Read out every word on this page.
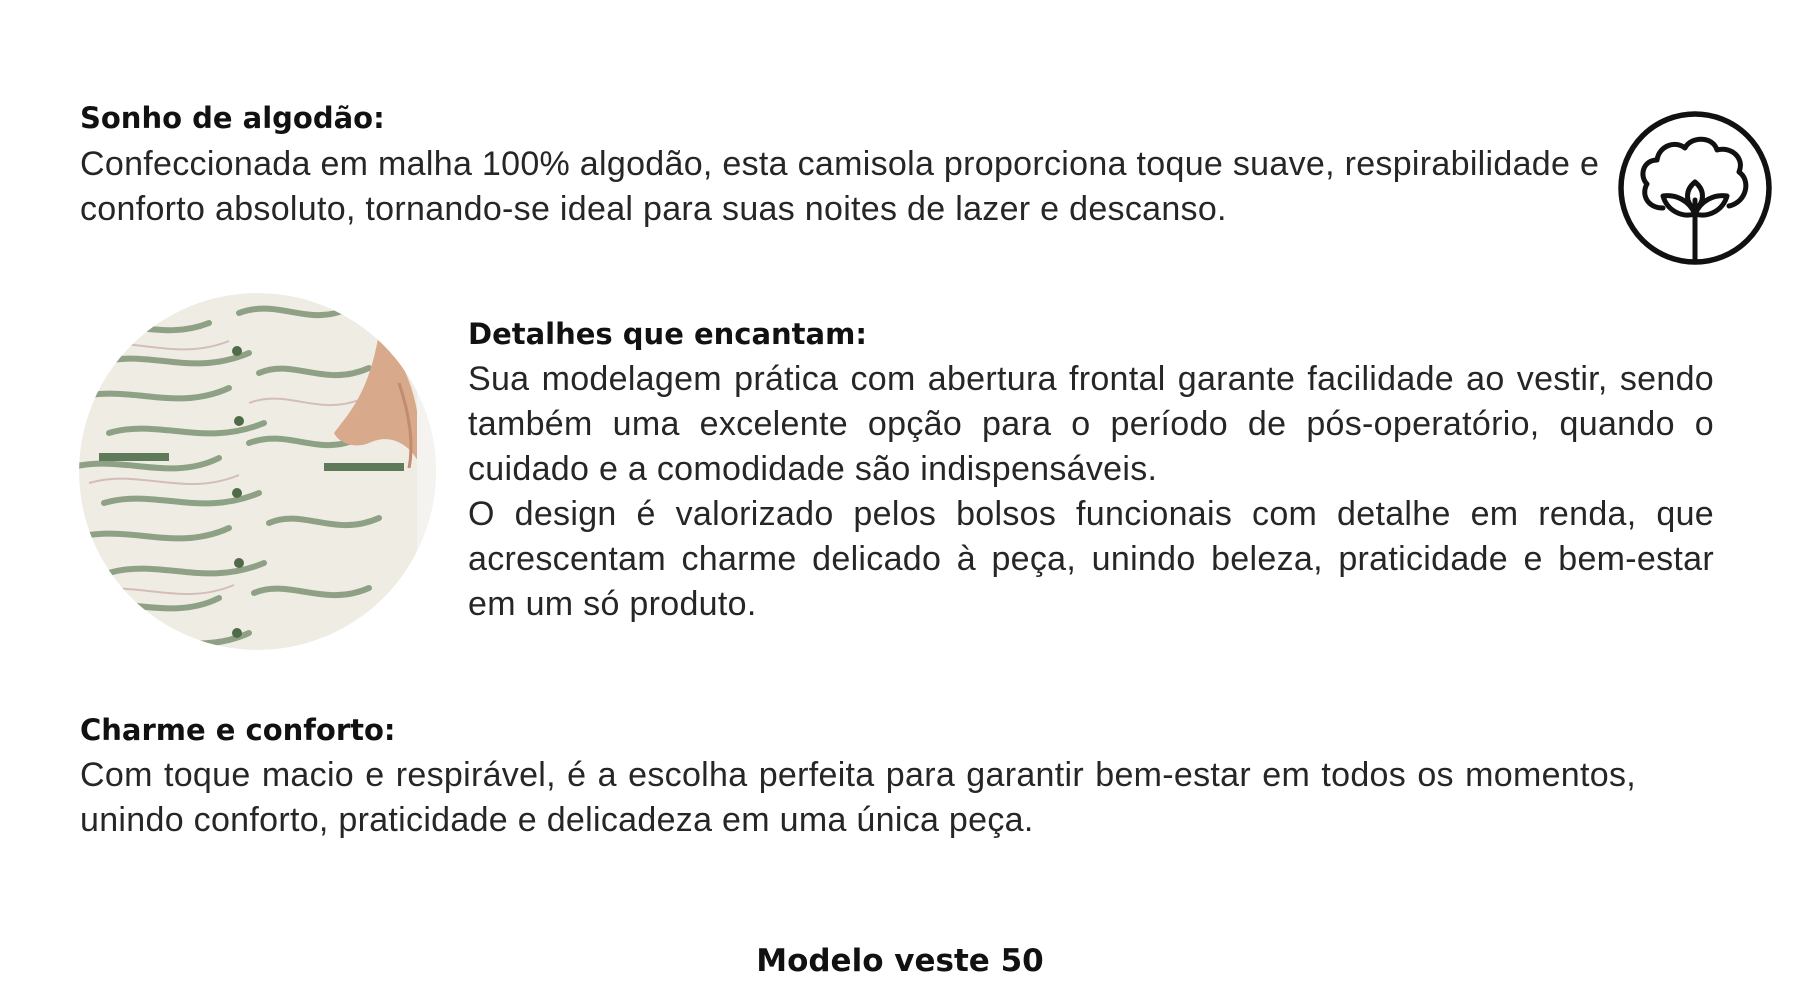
Sonho de algodão:

Confeccionada em malha 100% algodão, esta camisola proporciona toque suave, respirabilidade e conforto absoluto, tornando-se ideal para suas noites de lazer e descanso.

Detalhes que encantam:

Sua modelagem prática com abertura frontal garante facilidade ao vestir, sendo também uma excelente opção para o período de pós-operatório, quando o cuidado e a comodidade são indispensáveis.

O design é valorizado pelos bolsos funcionais com detalhe em renda, que acrescentam charme delicado à peça, unindo beleza, praticidade e bem-estar em um só produto.

Charme e conforto:

Com toque macio e respirável, é a escolha perfeita para garantir bem-estar em todos os momentos, unindo conforto, praticidade e delicadeza em uma única peça.

Modelo veste 50
